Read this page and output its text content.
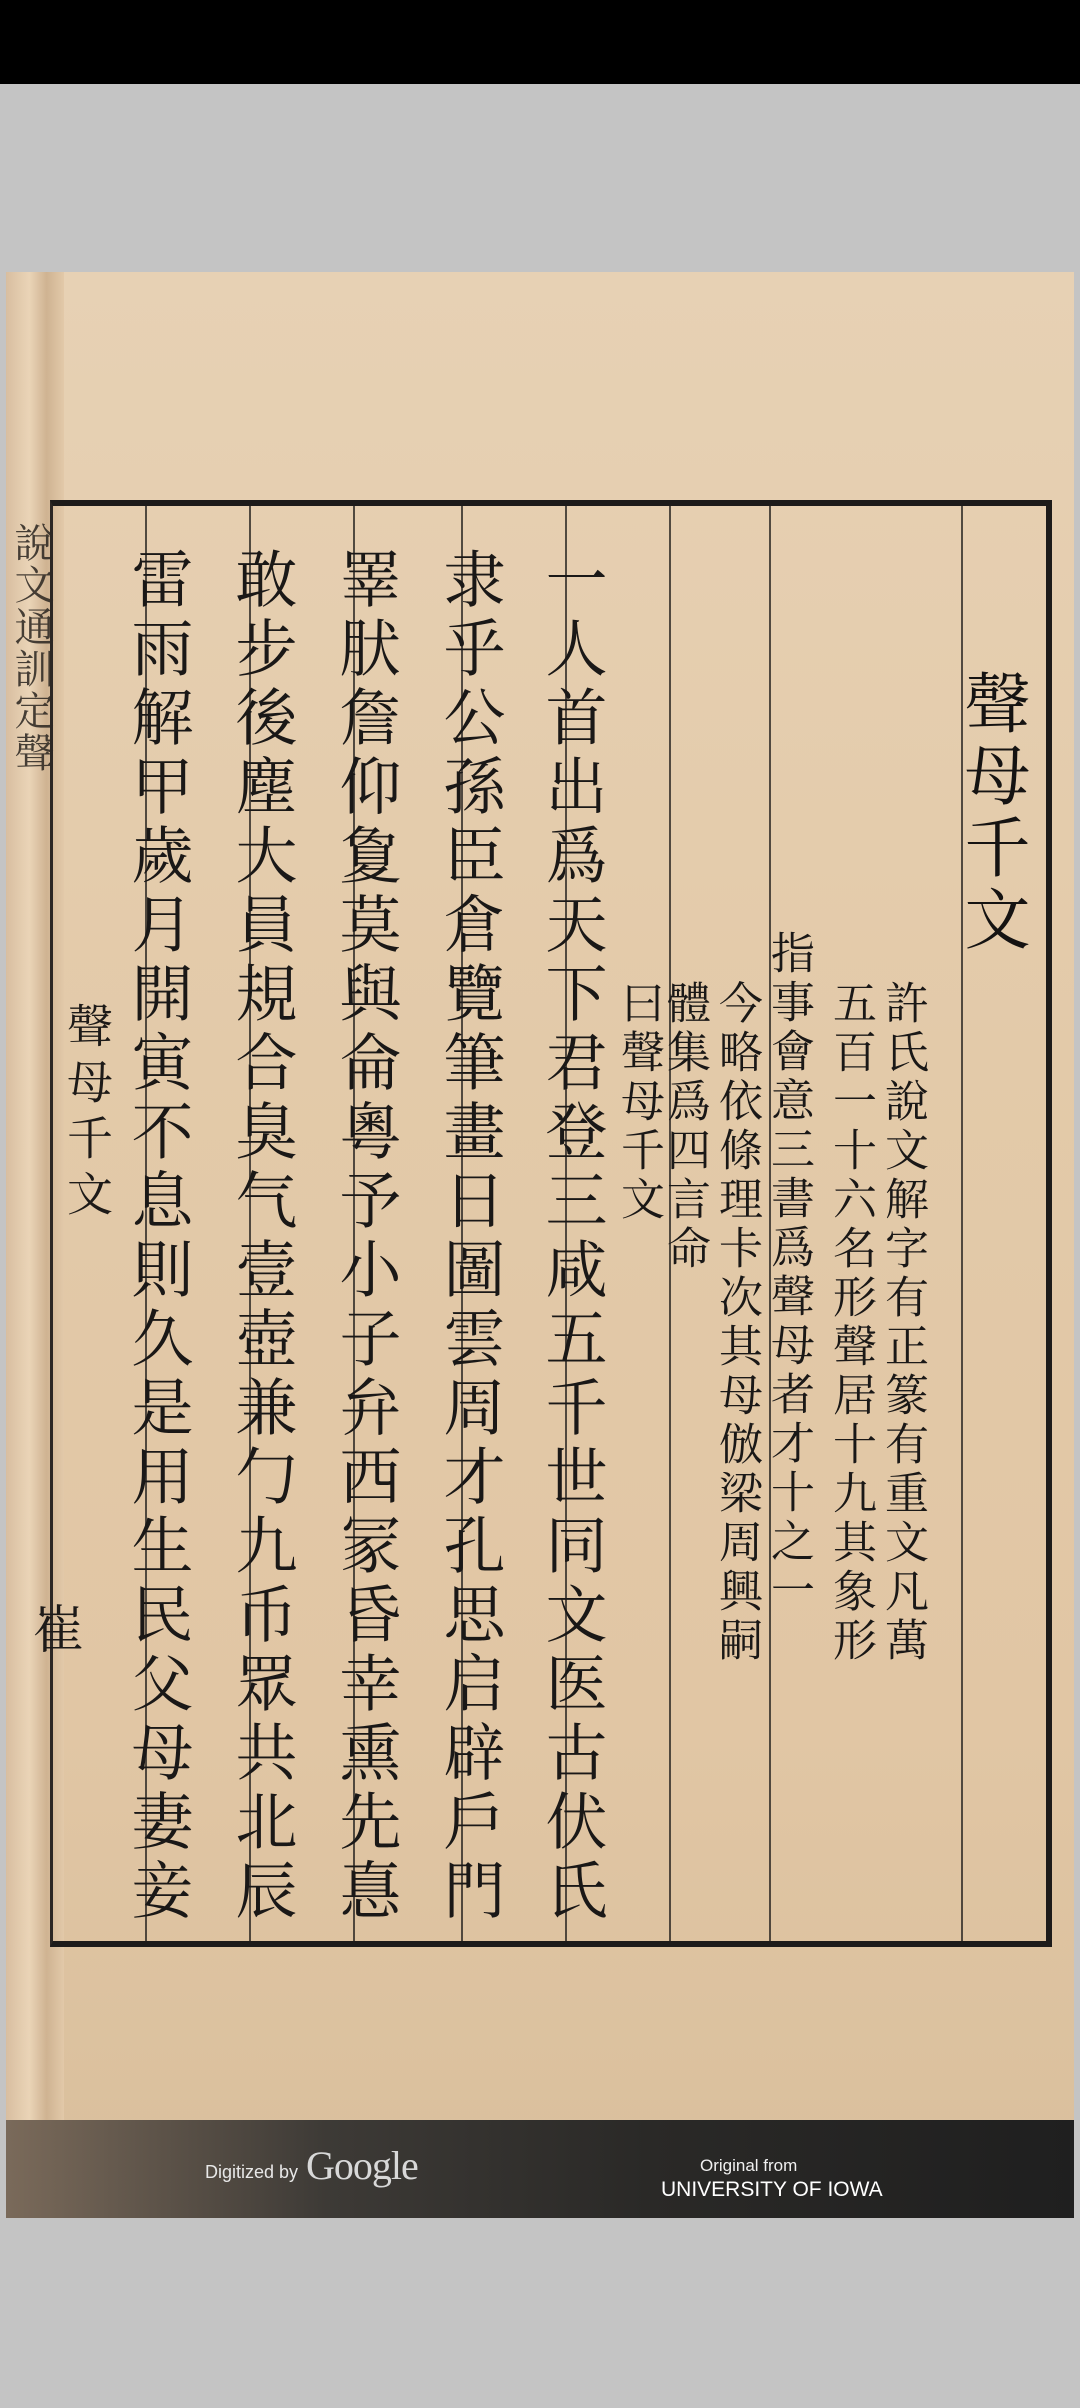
說文通訓定聲
聲母千文
許氏說文解字有正篆有重文凡萬
五百一十六名形聲居十九其象形
指事會意三書爲聲母者才十之一
今略依條理卡次其母倣梁周興嗣
體集爲四言命
曰聲母千文
一人首出爲天下君登三咸五千世同文医古伏氏
隶乎公孫臣倉覽筆畫日圖雲周才孔思启辟戶門
睪肰詹仰夐莫與侖粵予小子弁西冡昏幸熏先惪
敢步後塵大員規合臭气壹壺兼勹九币眾共北辰
雷雨解甲歲月開寅不息則久是用生民父母妻妾
聲母千文
崔
Digitized by Google	Original from
UNIVERSITY OF IOWA
